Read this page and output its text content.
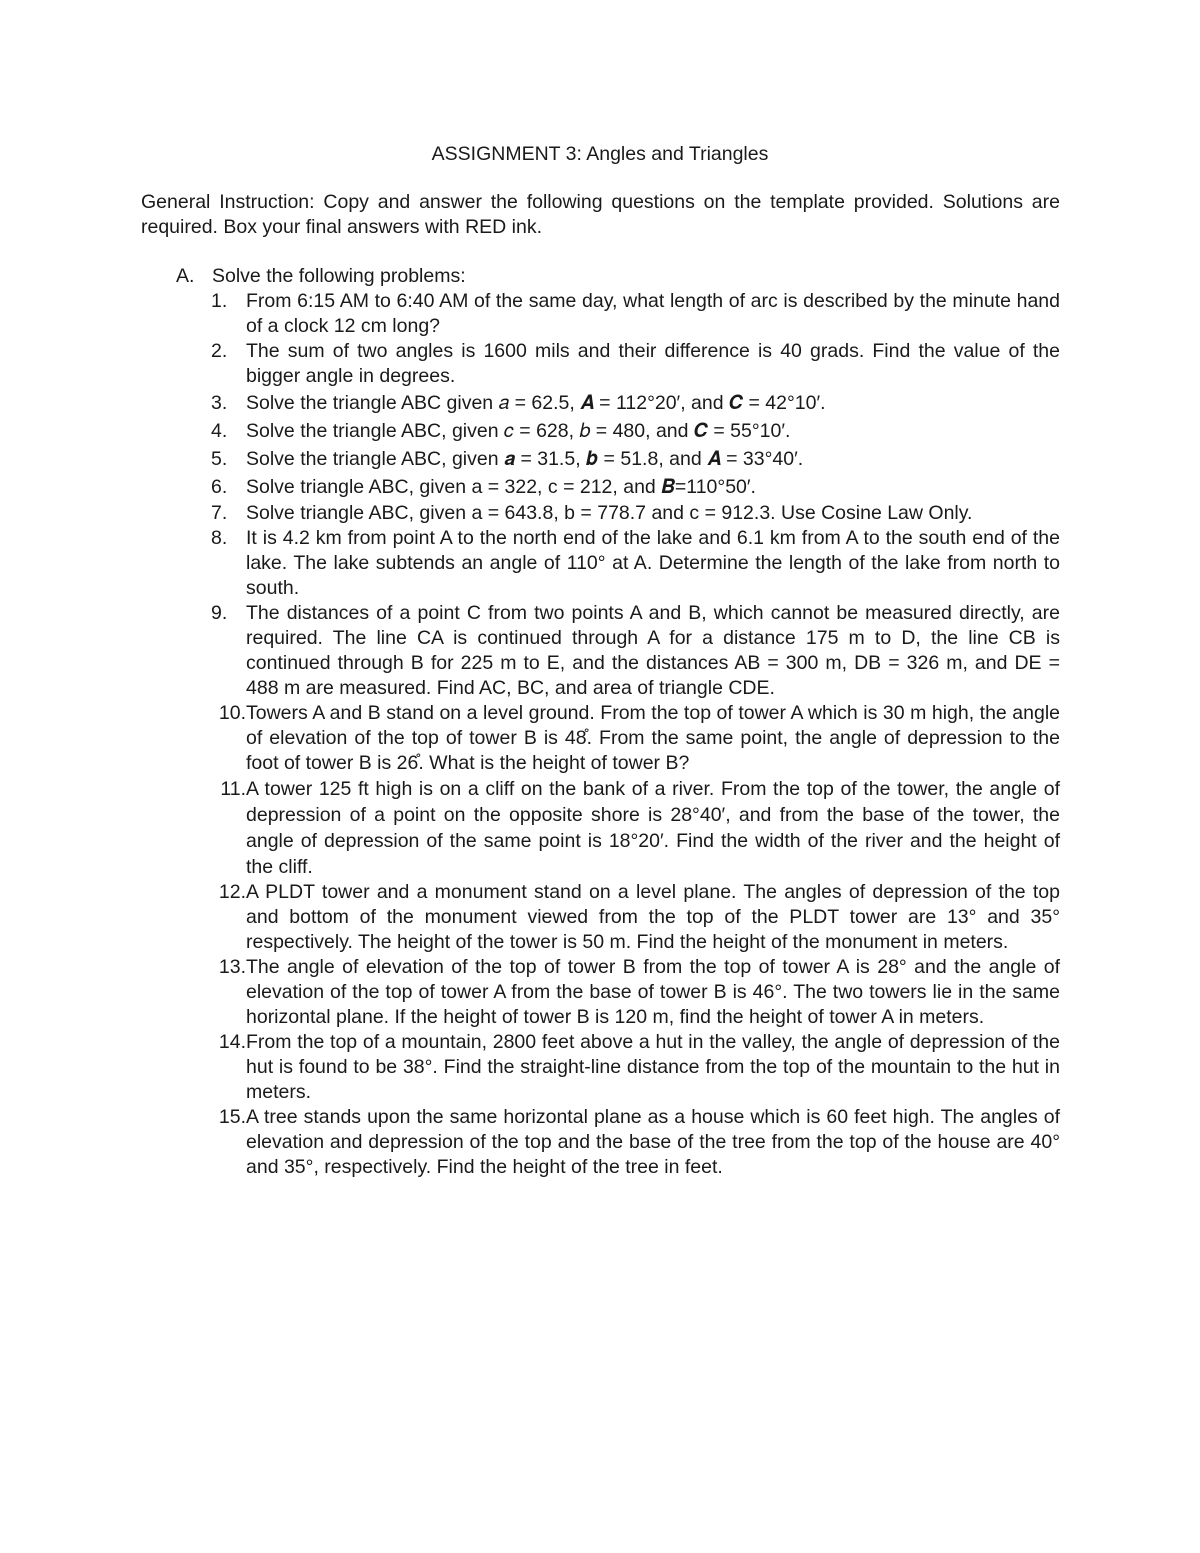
ASSIGNMENT 3: Angles and Triangles

General Instruction: Copy and answer the following questions on the template provided. Solutions are required. Box your final answers with RED ink.

A. Solve the following problems:

1. From 6:15 AM to 6:40 AM of the same day, what length of arc is described by the minute hand of a clock 12 cm long?
2. The sum of two angles is 1600 mils and their difference is 40 grads. Find the value of the bigger angle in degrees.
3. Solve the triangle ABC given 𝑎 = 62.5, 𝑨 = 112°20′, and 𝑪 = 42°10′.
4. Solve the triangle ABC, given 𝑐 = 628, 𝑏 = 480, and 𝑪 = 55°10′.
5. Solve the triangle ABC, given 𝒂 = 31.5, 𝒃 = 51.8, and 𝑨 = 33°40′.
6. Solve triangle ABC, given a = 322, c = 212, and 𝑩=110°50′.
7. Solve triangle ABC, given a = 643.8, b = 778.7 and c = 912.3. Use Cosine Law Only.
8. It is 4.2 km from point A to the north end of the lake and 6.1 km from A to the south end of the lake. The lake subtends an angle of 110° at A. Determine the length of the lake from north to south.
9. The distances of a point C from two points A and B, which cannot be measured directly, are required. The line CA is continued through A for a distance 175 m to D, the line CB is continued through B for 225 m to E, and the distances AB = 300 m, DB = 326 m, and DE = 488 m are measured. Find AC, BC, and area of triangle CDE.
10. Towers A and B stand on a level ground. From the top of tower A which is 30 m high, the angle of elevation of the top of tower B is 48̊. From the same point, the angle of depression to the foot of tower B is 26̊. What is the height of tower B?
11. A tower 125 ft high is on a cliff on the bank of a river. From the top of the tower, the angle of depression of a point on the opposite shore is 28°40′, and from the base of the tower, the angle of depression of the same point is 18°20′. Find the width of the river and the height of the cliff.
12. A PLDT tower and a monument stand on a level plane. The angles of depression of the top and bottom of the monument viewed from the top of the PLDT tower are 13° and 35° respectively. The height of the tower is 50 m. Find the height of the monument in meters.
13. The angle of elevation of the top of tower B from the top of tower A is 28° and the angle of elevation of the top of tower A from the base of tower B is 46°. The two towers lie in the same horizontal plane. If the height of tower B is 120 m, find the height of tower A in meters.
14. From the top of a mountain, 2800 feet above a hut in the valley, the angle of depression of the hut is found to be 38°. Find the straight-line distance from the top of the mountain to the hut in meters.
15. A tree stands upon the same horizontal plane as a house which is 60 feet high. The angles of elevation and depression of the top and the base of the tree from the top of the house are 40° and 35°, respectively. Find the height of the tree in feet.
